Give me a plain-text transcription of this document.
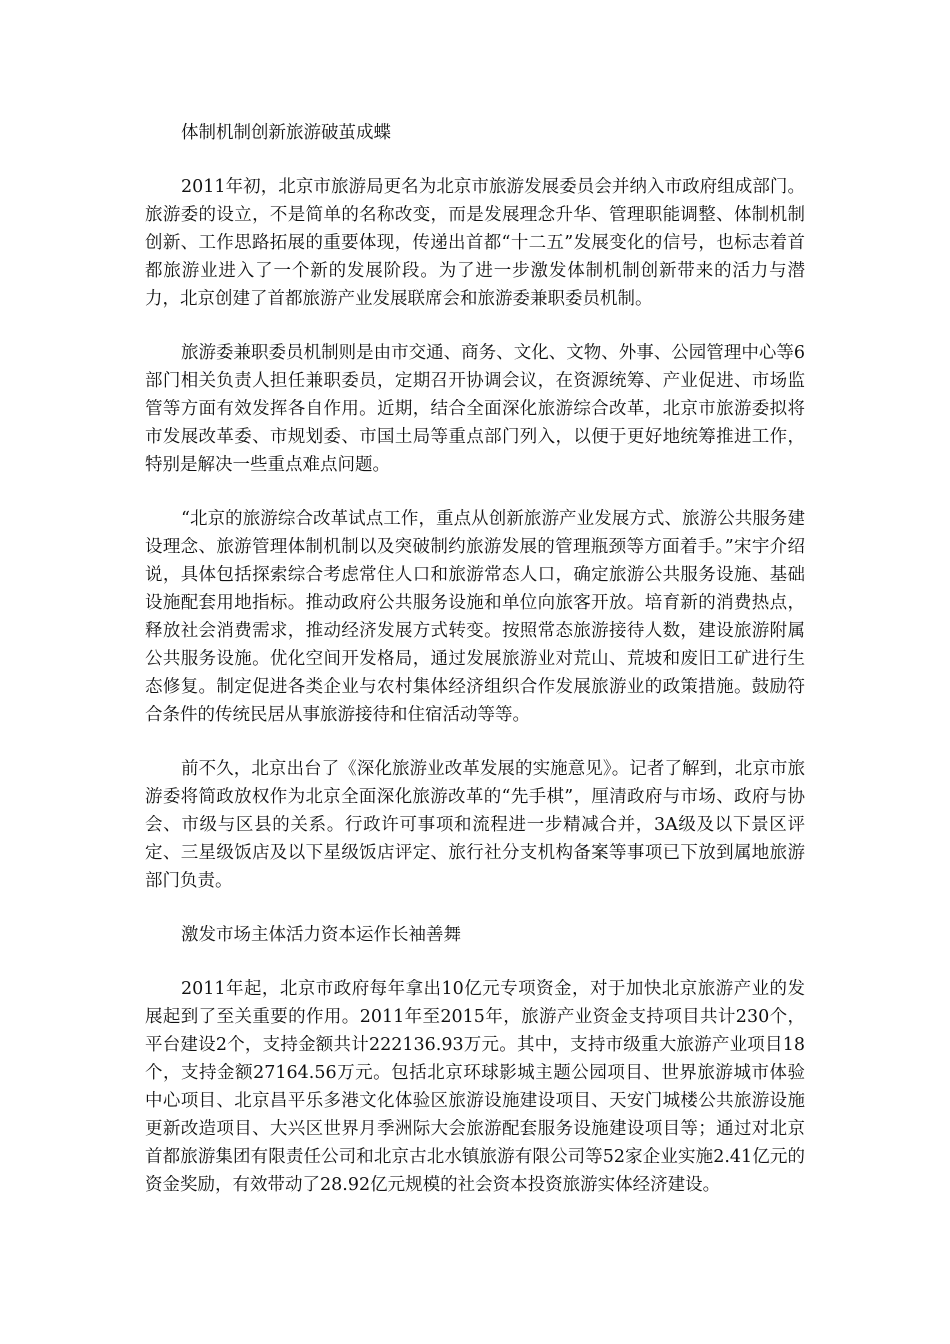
体制机制创新旅游破茧成蝶

2011年初，北京市旅游局更名为北京市旅游发展委员会并纳入市政府组成部门。旅游委的设立，不是简单的名称改变，而是发展理念升华、管理职能调整、体制机制创新、工作思路拓展的重要体现，传递出首都“十二五”发展变化的信号，也标志着首都旅游业进入了一个新的发展阶段。为了进一步激发体制机制创新带来的活力与潜力，北京创建了首都旅游产业发展联席会和旅游委兼职委员机制。

旅游委兼职委员机制则是由市交通、商务、文化、文物、外事、公园管理中心等6部门相关负责人担任兼职委员，定期召开协调会议，在资源统筹、产业促进、市场监管等方面有效发挥各自作用。近期，结合全面深化旅游综合改革，北京市旅游委拟将市发展改革委、市规划委、市国土局等重点部门列入，以便于更好地统筹推进工作，特别是解决一些重点难点问题。

“北京的旅游综合改革试点工作，重点从创新旅游产业发展方式、旅游公共服务建设理念、旅游管理体制机制以及突破制约旅游发展的管理瓶颈等方面着手。”宋宇介绍说，具体包括探索综合考虑常住人口和旅游常态人口，确定旅游公共服务设施、基础设施配套用地指标。推动政府公共服务设施和单位向旅客开放。培育新的消费热点，释放社会消费需求，推动经济发展方式转变。按照常态旅游接待人数，建设旅游附属公共服务设施。优化空间开发格局，通过发展旅游业对荒山、荒坡和废旧工矿进行生态修复。制定促进各类企业与农村集体经济组织合作发展旅游业的政策措施。鼓励符合条件的传统民居从事旅游接待和住宿活动等等。

前不久，北京出台了《深化旅游业改革发展的实施意见》。记者了解到，北京市旅游委将简政放权作为北京全面深化旅游改革的“先手棋”，厘清政府与市场、政府与协会、市级与区县的关系。行政许可事项和流程进一步精减合并，3A级及以下景区评定、三星级饭店及以下星级饭店评定、旅行社分支机构备案等事项已下放到属地旅游部门负责。

激发市场主体活力资本运作长袖善舞

2011年起，北京市政府每年拿出10亿元专项资金，对于加快北京旅游产业的发展起到了至关重要的作用。2011年至2015年，旅游产业资金支持项目共计230个，平台建设2个，支持金额共计222136.93万元。其中，支持市级重大旅游产业项目18个，支持金额27164.56万元。包括北京环球影城主题公园项目、世界旅游城市体验中心项目、北京昌平乐多港文化体验区旅游设施建设项目、天安门城楼公共旅游设施更新改造项目、大兴区世界月季洲际大会旅游配套服务设施建设项目等；通过对北京首都旅游集团有限责任公司和北京古北水镇旅游有限公司等52家企业实施2.41亿元的资金奖励，有效带动了28.92亿元规模的社会资本投资旅游实体经济建设。
